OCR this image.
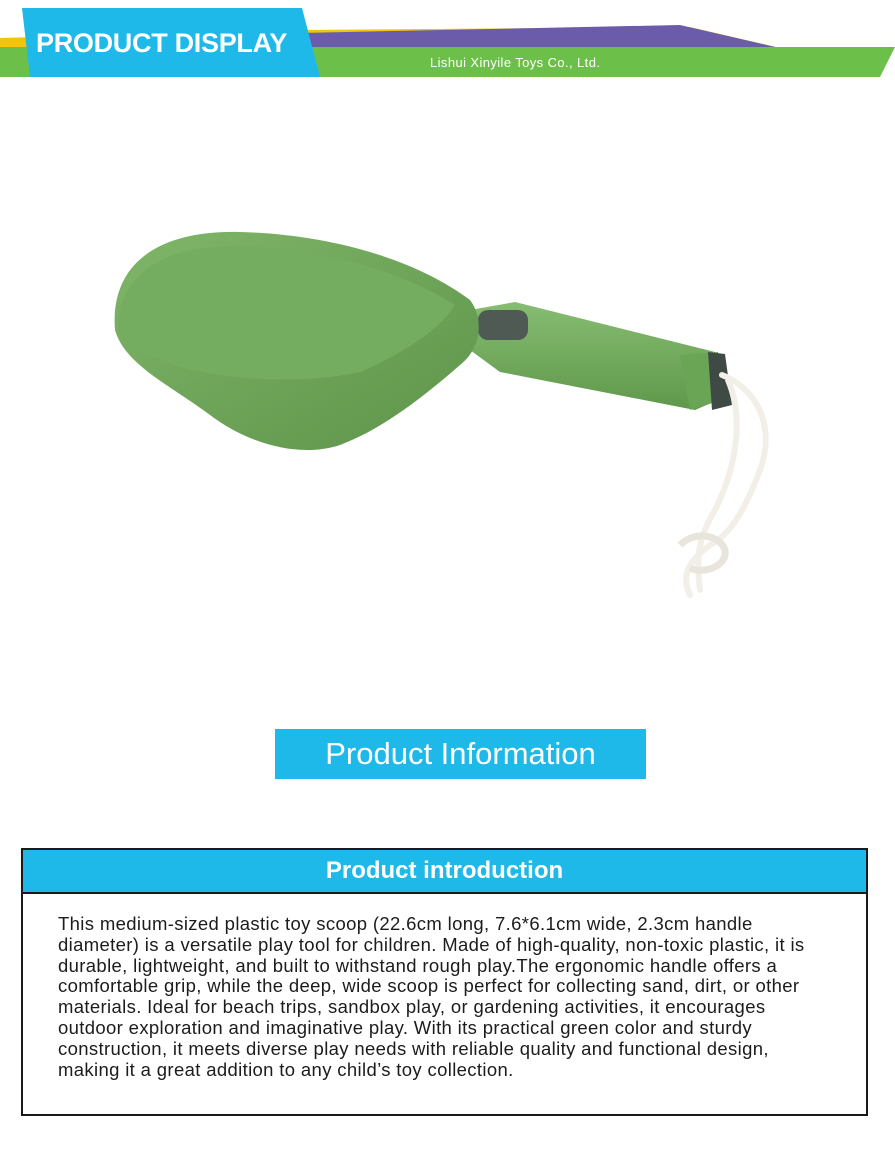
PRODUCT DISPLAY

Lishui Xinyile Toys Co., Ltd.

Product Information
Product introduction

This medium-sized plastic toy scoop (22.6cm long, 7.6*6.1cm wide, 2.3cm handle diameter) is a versatile play tool for children. Made of high-quality, non-toxic plastic, it is durable, lightweight, and built to withstand rough play.The ergonomic handle offers a comfortable grip, while the deep, wide scoop is perfect for collecting sand, dirt, or other materials. Ideal for beach trips, sandbox play, or gardening activities, it encourages outdoor exploration and imaginative play. With its practical green color and sturdy construction, it meets diverse play needs with reliable quality and functional design, making it a great addition to any child’s toy collection.
